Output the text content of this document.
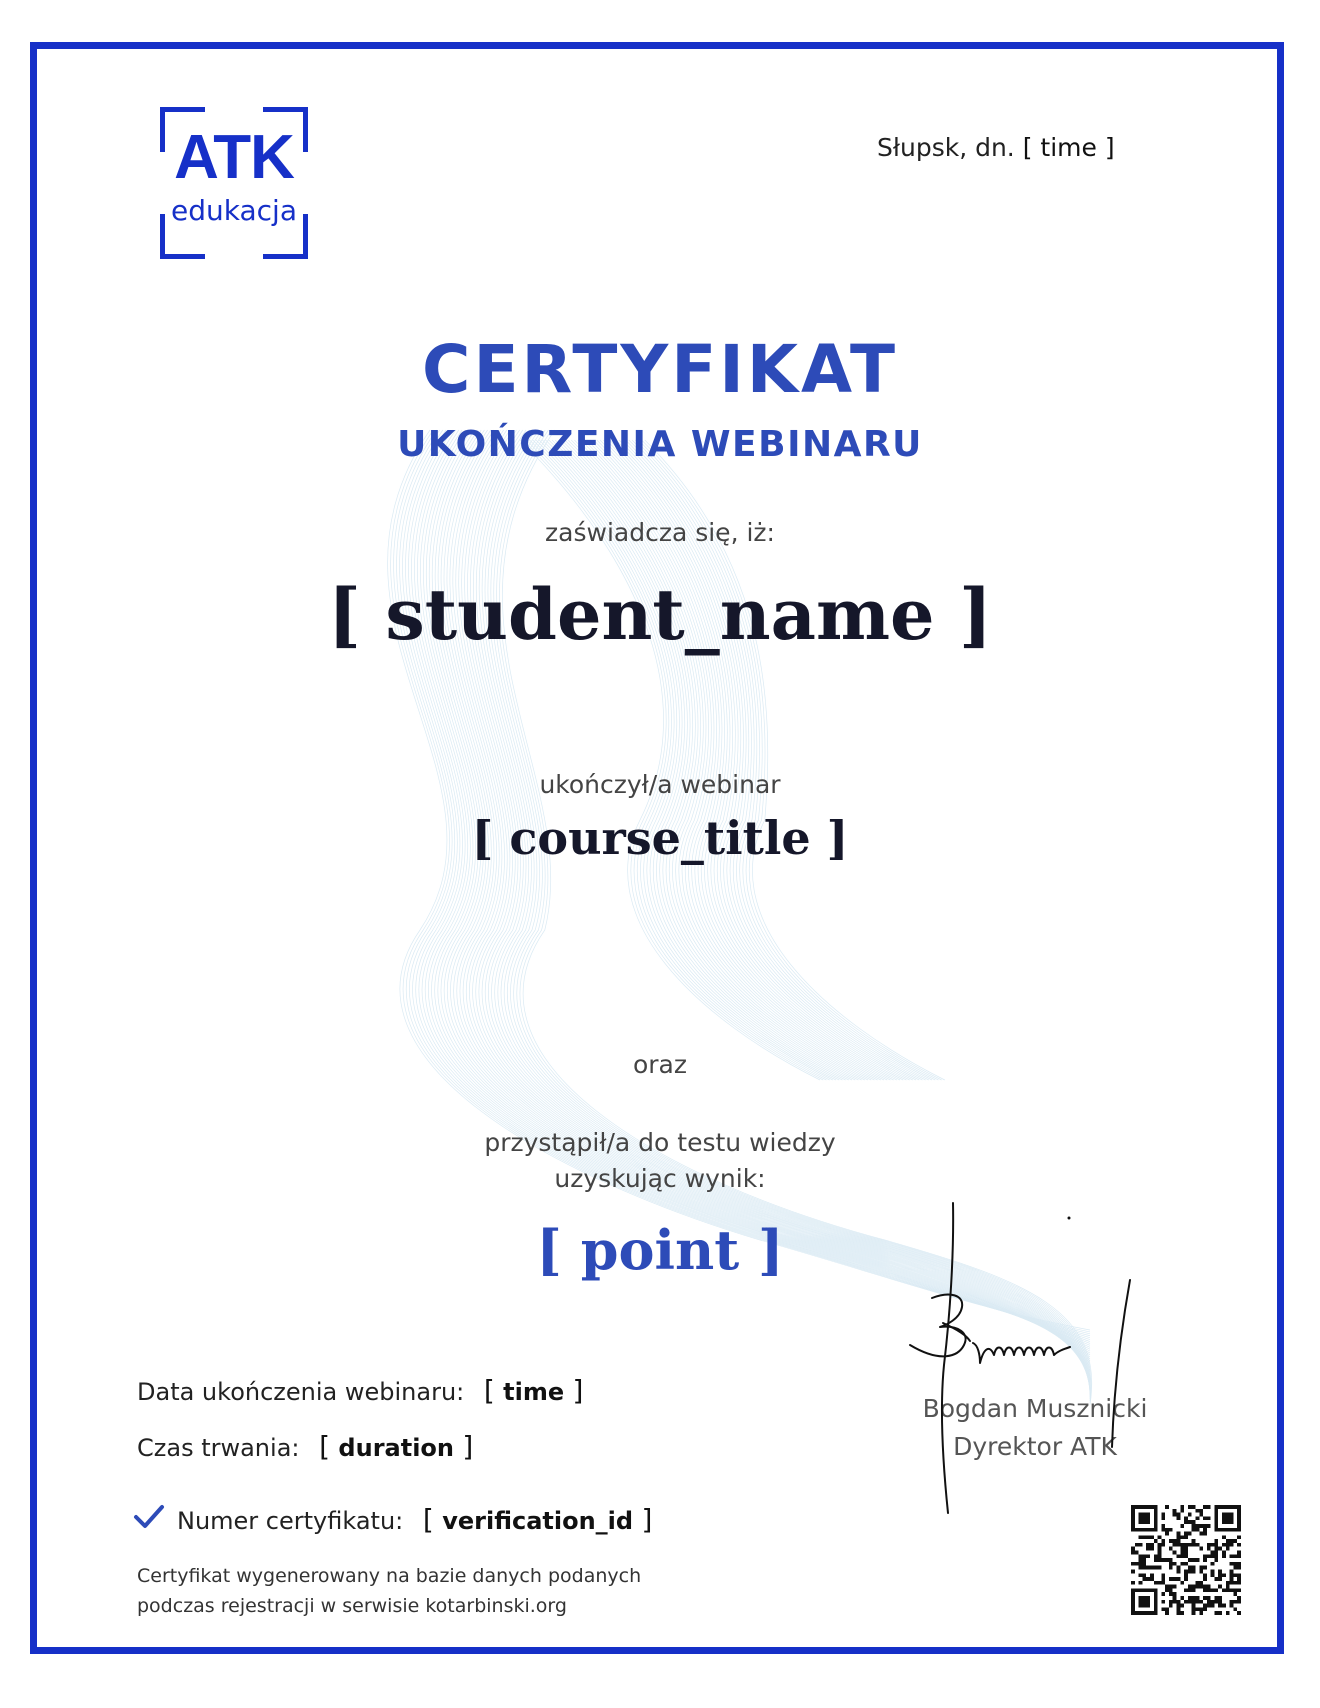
ATK
edukacja
Słupsk, dn. [ time ]
CERTYFIKAT
UKOŃCZENIA WEBINARU
zaświadcza się, iż:
[ student_name ]
ukończył/a webinar
[ course_title ]
oraz
przystąpił/a do testu wiedzy
uzyskując wynik:
[ point ]
Data ukończenia webinaru: [ time ]
Czas trwania: [ duration ]
Numer certyfikatu: [ verification_id ]
Certyfikat wygenerowany na bazie danych podanych
podczas rejestracji w serwisie kotarbinski.org
Bogdan Musznicki
Dyrektor ATK
